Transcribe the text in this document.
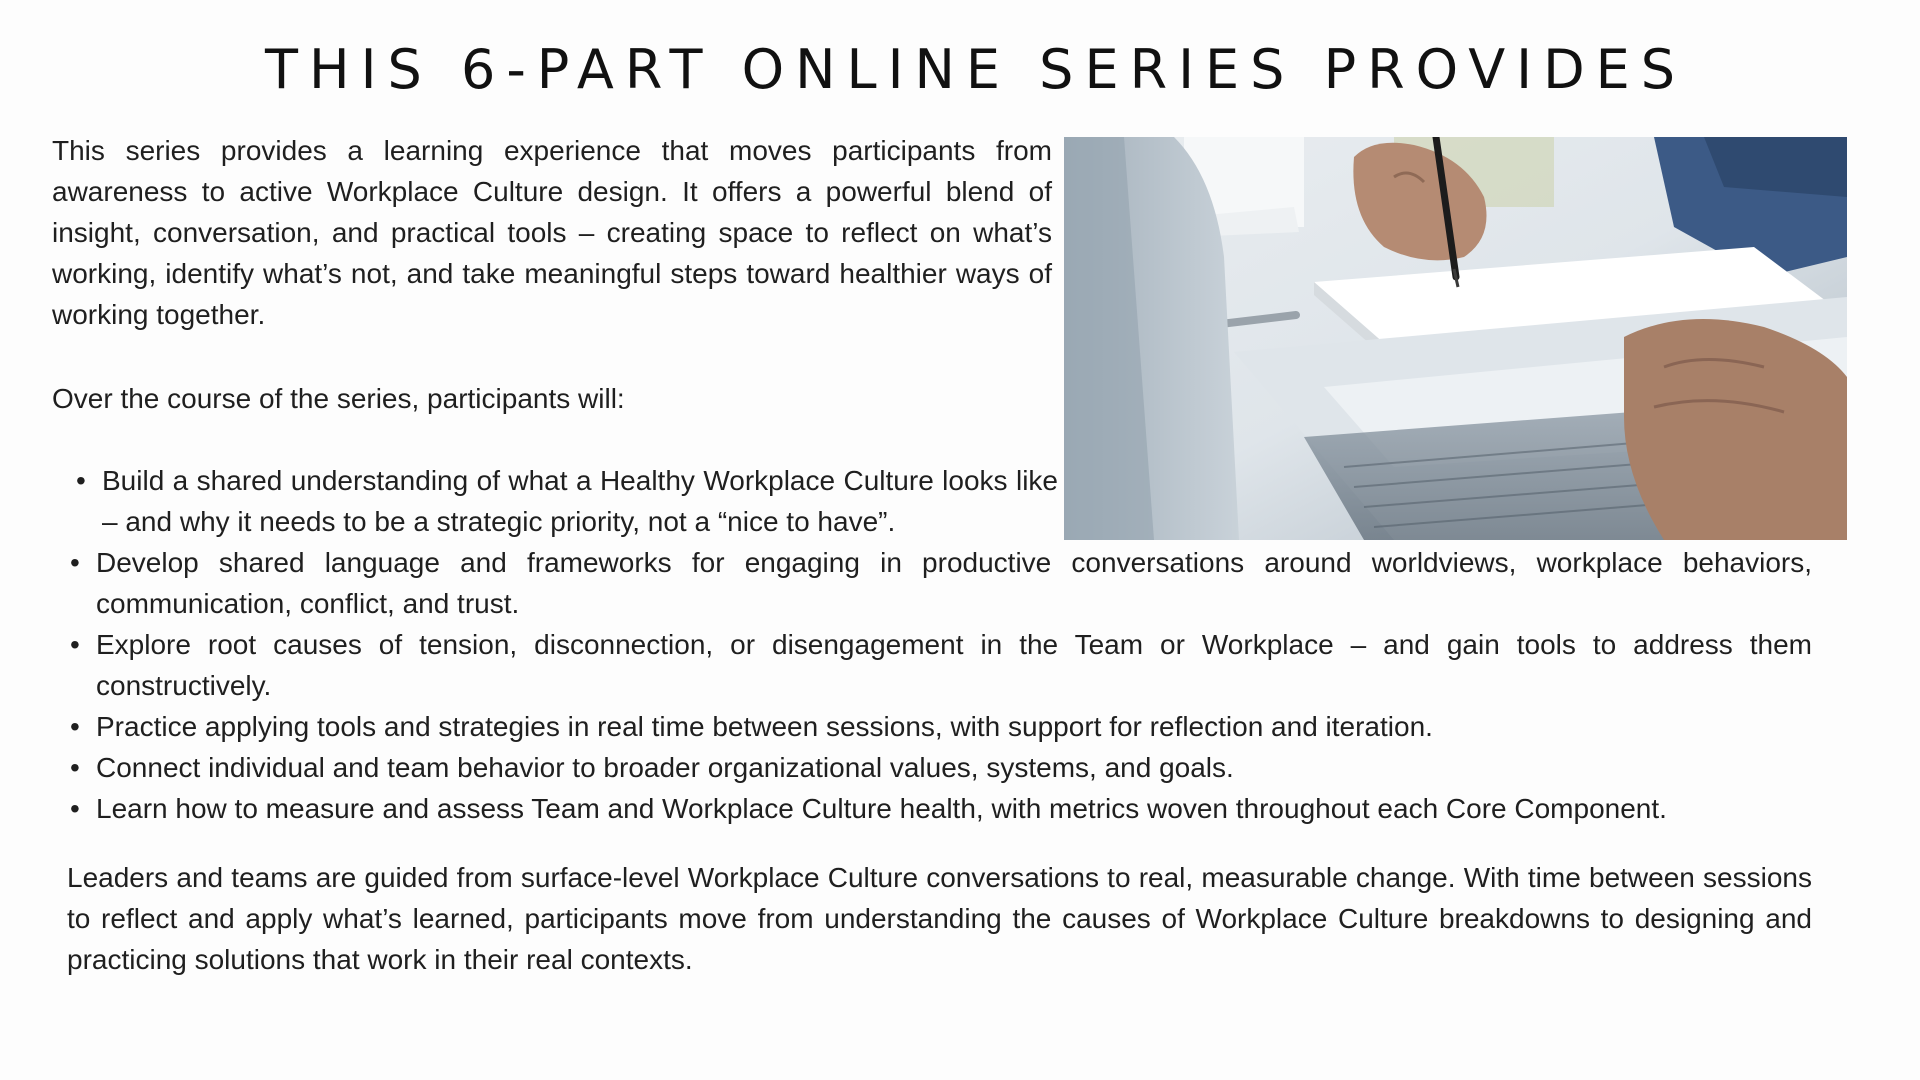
THIS 6-PART ONLINE SERIES PROVIDES

This series provides a learning experience that moves participants from awareness to active Workplace Culture design. It offers a powerful blend of insight, conversation, and practical tools – creating space to reflect on what’s working, identify what’s not, and take meaningful steps toward healthier ways of working together.

Over the course of the series, participants will:

• Build a shared understanding of what a Healthy Workplace Culture looks like – and why it needs to be a strategic priority, not a “nice to have”.
• Develop shared language and frameworks for engaging in productive conversations around worldviews, workplace behaviors, communication, conflict, and trust.
• Explore root causes of tension, disconnection, or disengagement in the Team or Workplace – and gain tools to address them constructively.
• Practice applying tools and strategies in real time between sessions, with support for reflection and iteration.
• Connect individual and team behavior to broader organizational values, systems, and goals.
• Learn how to measure and assess Team and Workplace Culture health, with metrics woven throughout each Core Component.

Leaders and teams are guided from surface-level Workplace Culture conversations to real, measurable change. With time between sessions to reflect and apply what’s learned, participants move from understanding the causes of Workplace Culture breakdowns to designing and practicing solutions that work in their real contexts.
